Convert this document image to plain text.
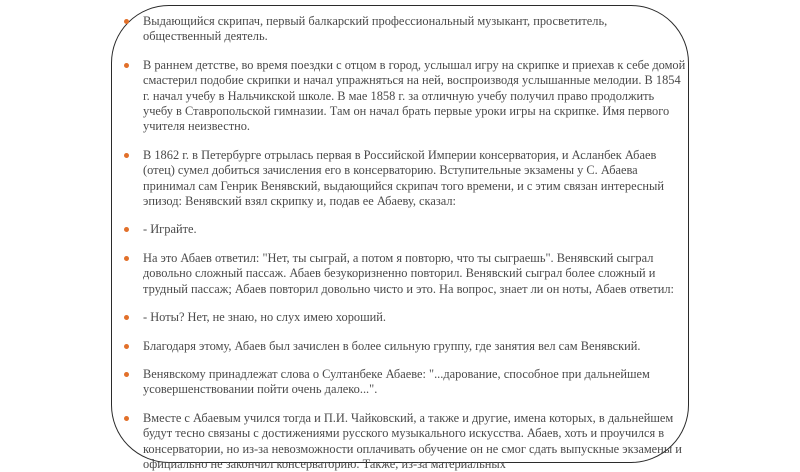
Выдающийся скрипач, первый балкарский профессиональный музыкант, просветитель, общественный деятель.
В раннем детстве, во время поездки с отцом в город, услышал игру на скрипке и приехав к себе домой смастерил подобие скрипки и начал упражняться на ней, воспроизводя услышанные мелодии. В 1854 г. начал учебу в Нальчикской школе. В мае 1858 г. за отличную учебу получил право продолжить учебу в Ставропольской гимназии. Там он начал брать первые уроки игры на скрипке. Имя первого учителя неизвестно.
В 1862 г. в Петербурге отрылась первая в Российской Империи консерватория, и Асланбек Абаев (отец) сумел добиться зачисления его в консерваторию. Вступительные экзамены у С. Абаева принимал сам Генрик Венявский, выдающийся скрипач того времени, и с этим связан интересный эпизод: Венявский взял скрипку и, подав ее Абаеву, сказал:
- Играйте.
На это Абаев ответил: "Нет, ты сыграй, а потом я повторю, что ты сыграешь". Венявский сыграл довольно сложный пассаж. Абаев безукоризненно повторил. Венявский сыграл более сложный и трудный пассаж; Абаев повторил довольно чисто и это. На вопрос, знает ли он ноты, Абаев ответил:
- Ноты? Нет, не знаю, но слух имею хороший.
Благодаря этому, Абаев был зачислен в более сильную группу, где занятия вел сам Венявский.
Венявскому принадлежат слова о Султанбеке Абаеве: "...дарование, способное при дальнейшем усовершенствовании пойти очень далеко...".
Вместе с Абаевым учился тогда и П.И. Чайковский, а также и другие, имена которых, в дальнейшем будут тесно связаны с достижениями русского музыкального искусства. Абаев, хоть и проучился в консерватории, но из-за невозможности оплачивать обучение он не смог сдать выпускные экзамены и официально не закончил консерваторию. Также, из-за материальных
